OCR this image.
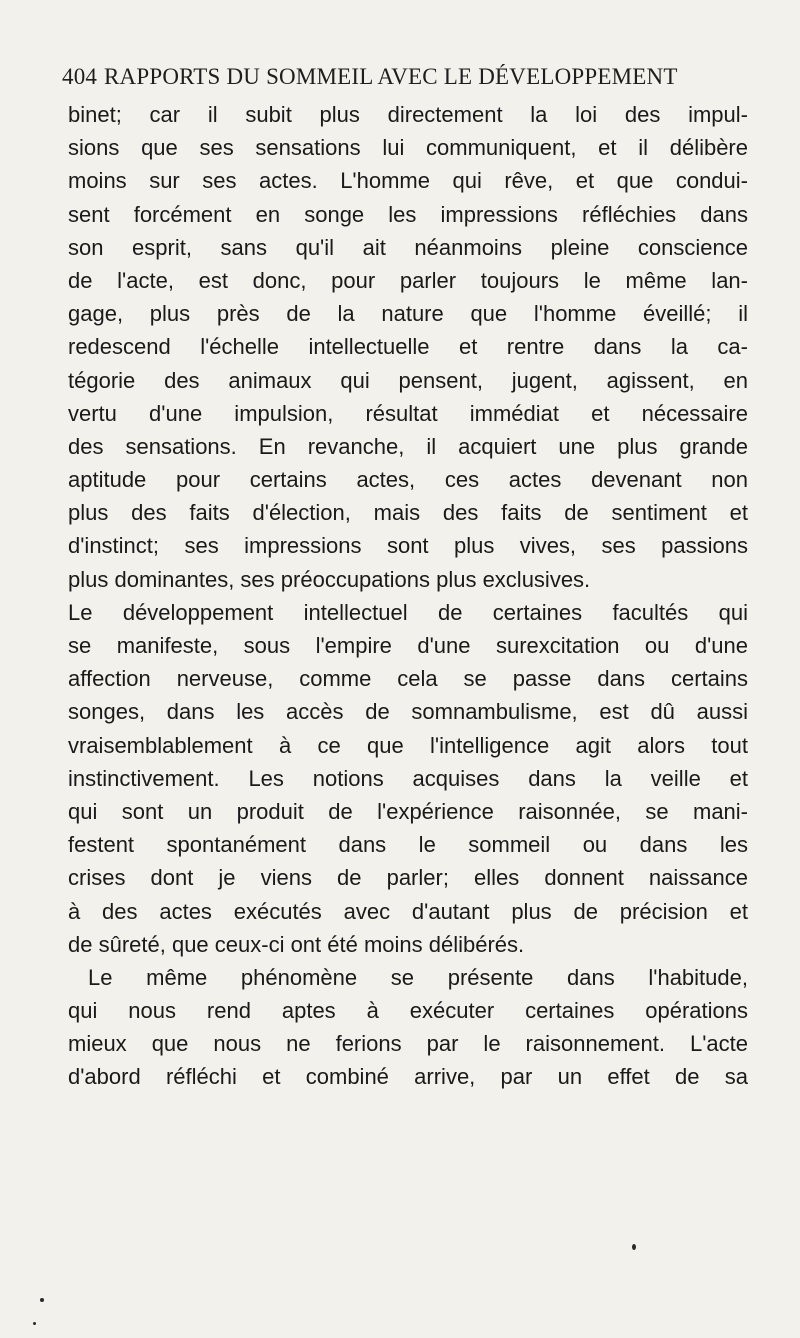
404 RAPPORTS DU SOMMEIL AVEC LE DÉVELOPPEMENT
binet; car il subit plus directement la loi des impul-
sions que ses sensations lui communiquent, et il délibère
moins sur ses actes. L'homme qui rêve, et que condui-
sent forcément en songe les impressions réfléchies dans
son esprit, sans qu'il ait néanmoins pleine conscience
de l'acte, est donc, pour parler toujours le même lan-
gage, plus près de la nature que l'homme éveillé; il
redescend l'échelle intellectuelle et rentre dans la ca-
tégorie des animaux qui pensent, jugent, agissent, en
vertu d'une impulsion, résultat immédiat et nécessaire
des sensations. En revanche, il acquiert une plus grande
aptitude pour certains actes, ces actes devenant non
plus des faits d'élection, mais des faits de sentiment et
d'instinct; ses impressions sont plus vives, ses passions
plus dominantes, ses préoccupations plus exclusives.
Le développement intellectuel de certaines facultés qui
se manifeste, sous l'empire d'une surexcitation ou d'une
affection nerveuse, comme cela se passe dans certains
songes, dans les accès de somnambulisme, est dû aussi
vraisemblablement à ce que l'intelligence agit alors tout
instinctivement. Les notions acquises dans la veille et
qui sont un produit de l'expérience raisonnée, se mani-
festent spontanément dans le sommeil ou dans les
crises dont je viens de parler; elles donnent naissance
à des actes exécutés avec d'autant plus de précision et
de sûreté, que ceux-ci ont été moins délibérés.
Le même phénomène se présente dans l'habitude,
qui nous rend aptes à exécuter certaines opérations
mieux que nous ne ferions par le raisonnement. L'acte
d'abord réfléchi et combiné arrive, par un effet de sa
